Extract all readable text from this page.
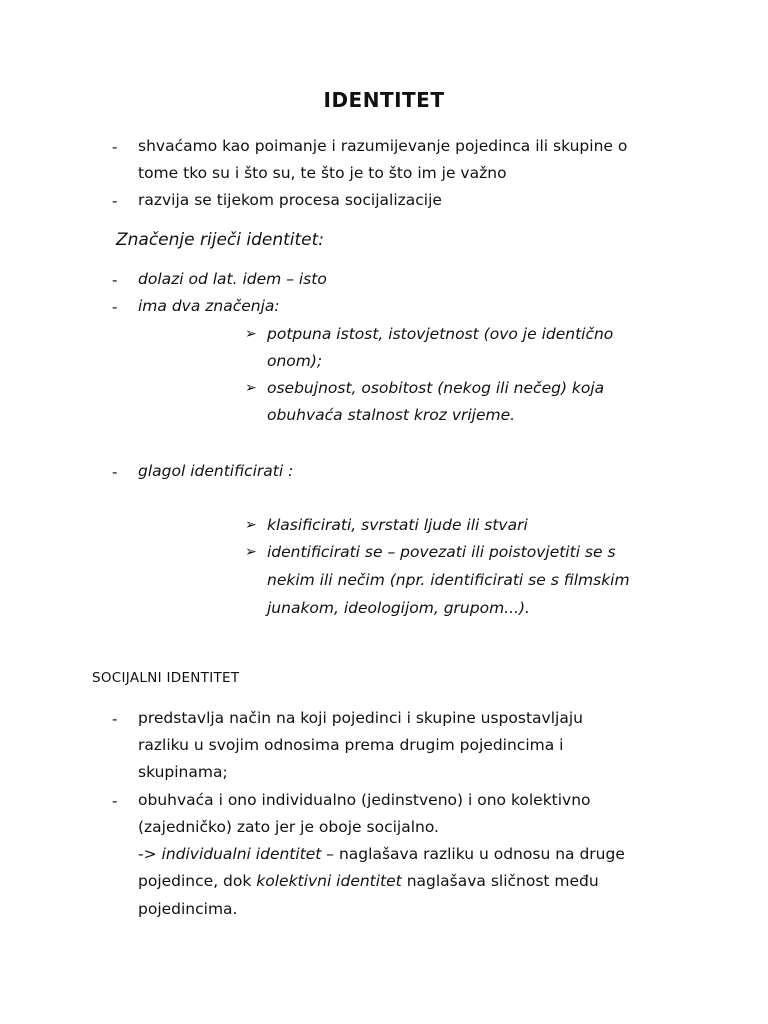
IDENTITET
- shvaćamo kao poimanje i razumijevanje pojedinca ili skupine o
tome tko su i što su, te što je to što im je važno
- razvija se tijekom procesa socijalizacije
Značenje riječi identitet:
- dolazi od lat. idem – isto
- ima dva značenja:
➢ potpuna istost, istovjetnost (ovo je identično
onom);
➢ osebujnost, osobitost (nekog ili nečeg) koja
obuhvaća stalnost kroz vrijeme.
- glagol identificirati :
➢ klasificirati, svrstati ljude ili stvari
➢ identificirati se – povezati ili poistovjetiti se s
nekim ili nečim (npr. identificirati se s filmskim
junakom, ideologijom, grupom...).
SOCIJALNI IDENTITET
- predstavlja način na koji pojedinci i skupine uspostavljaju
razliku u svojim odnosima prema drugim pojedincima i
skupinama;
- obuhvaća i ono individualno (jedinstveno) i ono kolektivno
(zajedničko) zato jer je oboje socijalno.
-> individualni identitet – naglašava razliku u odnosu na druge
pojedince, dok kolektivni identitet naglašava sličnost među
pojedincima.
